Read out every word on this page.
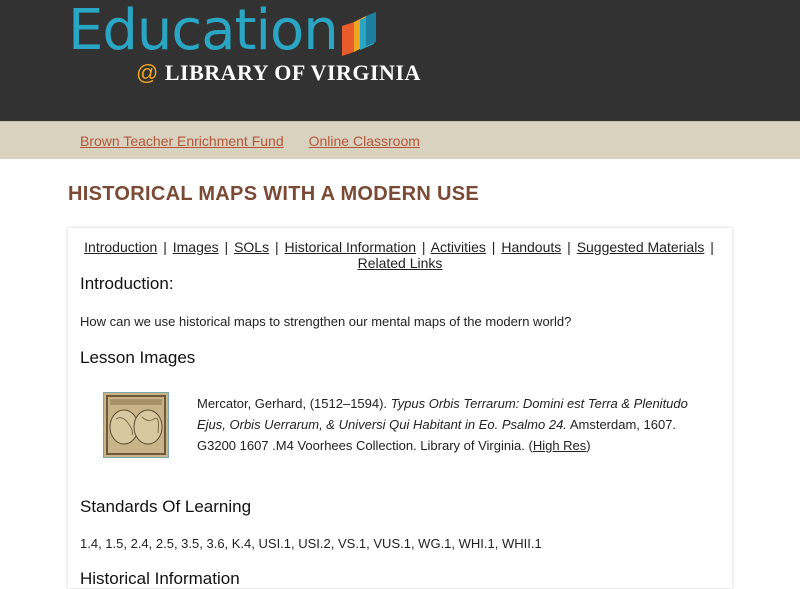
Education
@ LIBRARY OF VIRGINIA
Brown Teacher Enrichment Fund Online Classroom
HISTORICAL MAPS WITH A MODERN USE
Introduction | Images | SOLs | Historical Information | Activities | Handouts | Suggested Materials | Related Links
Introduction:

How can we use historical maps to strengthen our mental maps of the modern world?

Lesson Images
Mercator, Gerhard, (1512–1594). Typus Orbis Terrarum: Domini est Terra & Plenitudo Ejus, Orbis Uerrarum, & Universi Qui Habitant in Eo. Psalmo 24. Amsterdam, 1607. G3200 1607 .M4 Voorhees Collection. Library of Virginia. (High Res)
Standards Of Learning

1.4, 1.5, 2.4, 2.5, 3.5, 3.6, K.4, USI.1, USI.2, VS.1, VUS.1, WG.1, WHI.1, WHII.1

Historical Information
